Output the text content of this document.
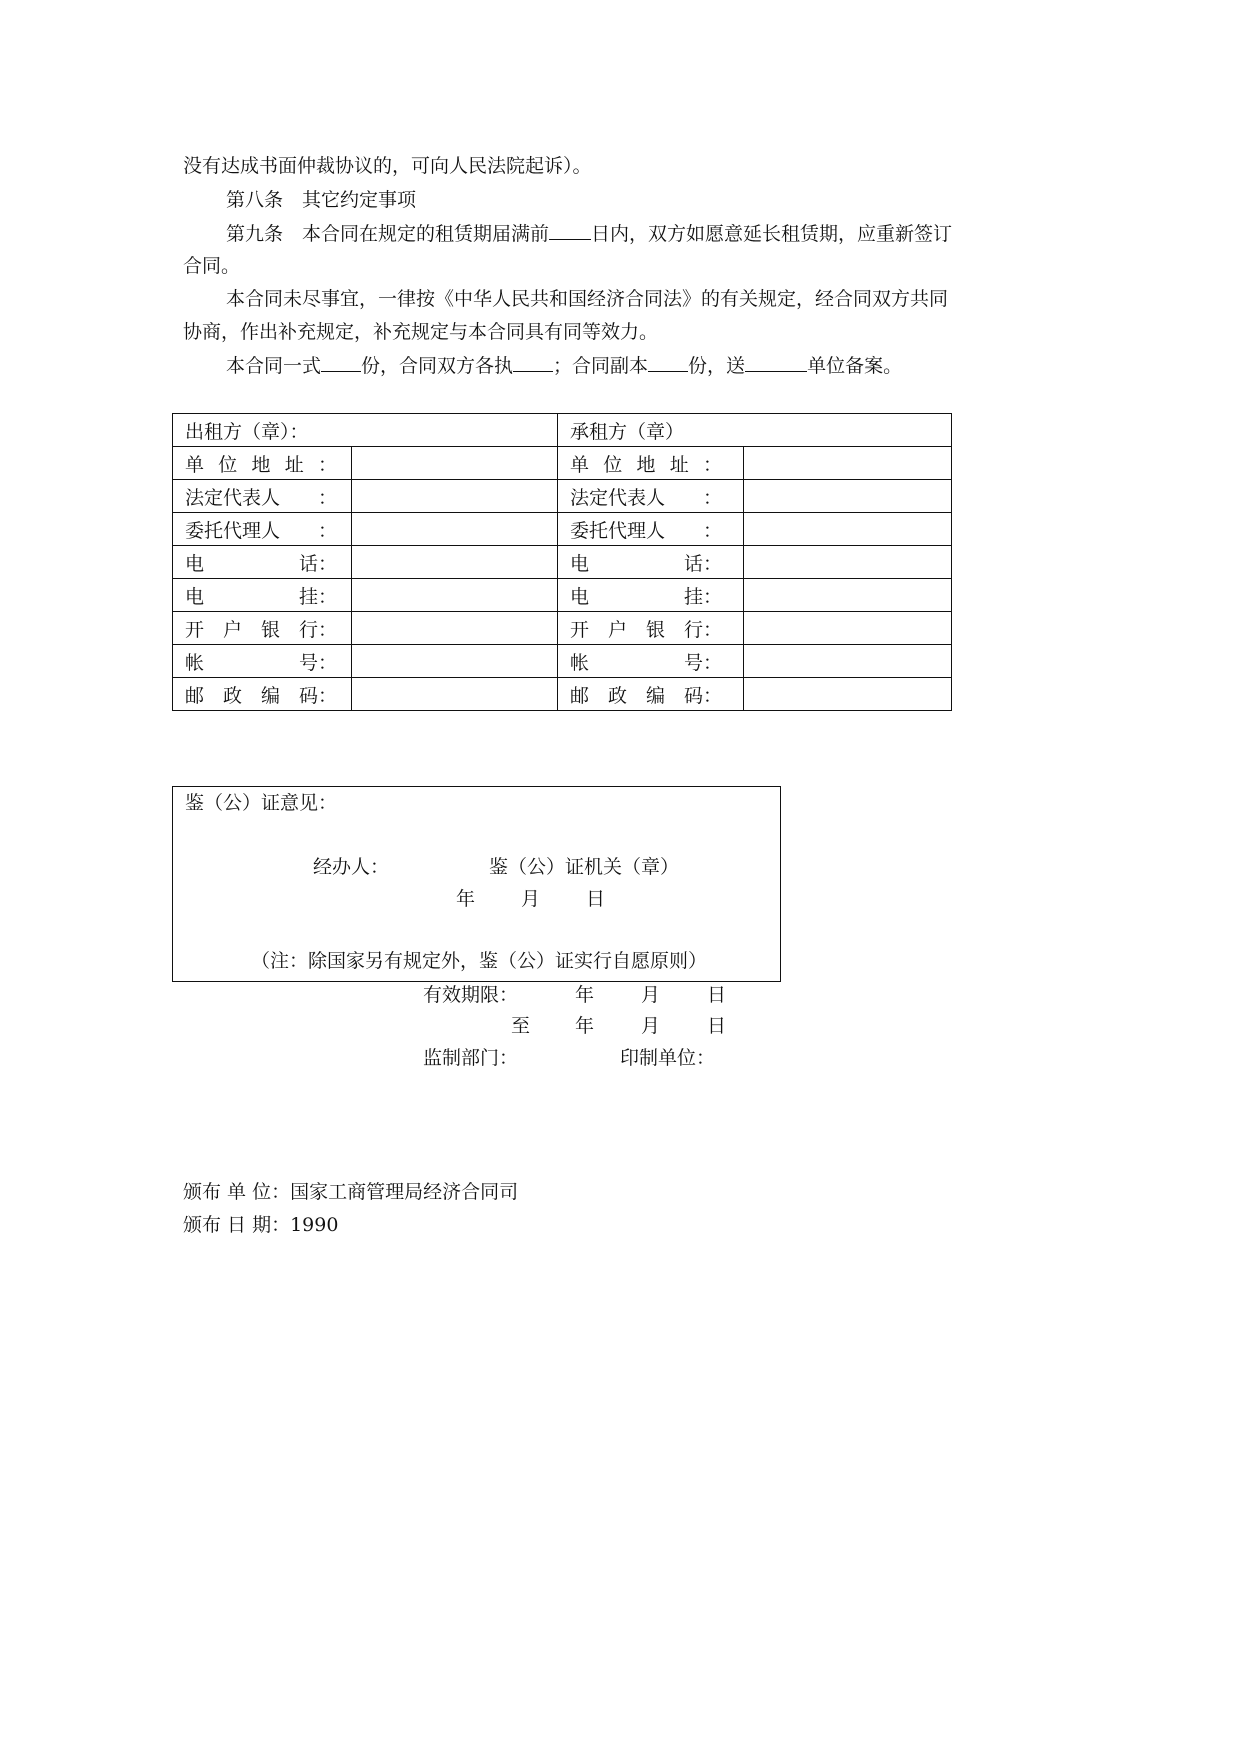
没有达成书面仲裁协议的，可向人民法院起诉）。
第八条　其它约定事项
第九条　本合同在规定的租赁期届满前 日内，双方如愿意延长租赁期，应重新签订
合同。
本合同未尽事宜，一律按《中华人民共和国经济合同法》的有关规定，经合同双方共同
协商，作出补充规定，补充规定与本合同具有同等效力。
本合同一式 份，合同双方各执 ；合同副本 份，送	单位备案。
出租方（章）：		承租方（章）	

单 位 地 址 ：		单 位 地 址 ：	

法定代表人 ：		法定代表人 ：	

委托代理人 ：		委托代理人 ：	

电 话：		电 话：	

电 挂：		电 挂：	

开 户 银 行：		开 户 银 行：	

帐 号：		帐 号：	

邮 政 编 码：		邮 政 编 码：	

鉴（公）证意见：
经办人：	鉴（公）证机关（章）
年 月 日
（注：除国家另有规定外，鉴（公）证实行自愿原则）
有效期限：	年 月 日
至 年 月 日
监制部门：	印制单位：
颁布 单 位：国家工商管理局经济合同司
颁布 日 期：1990
